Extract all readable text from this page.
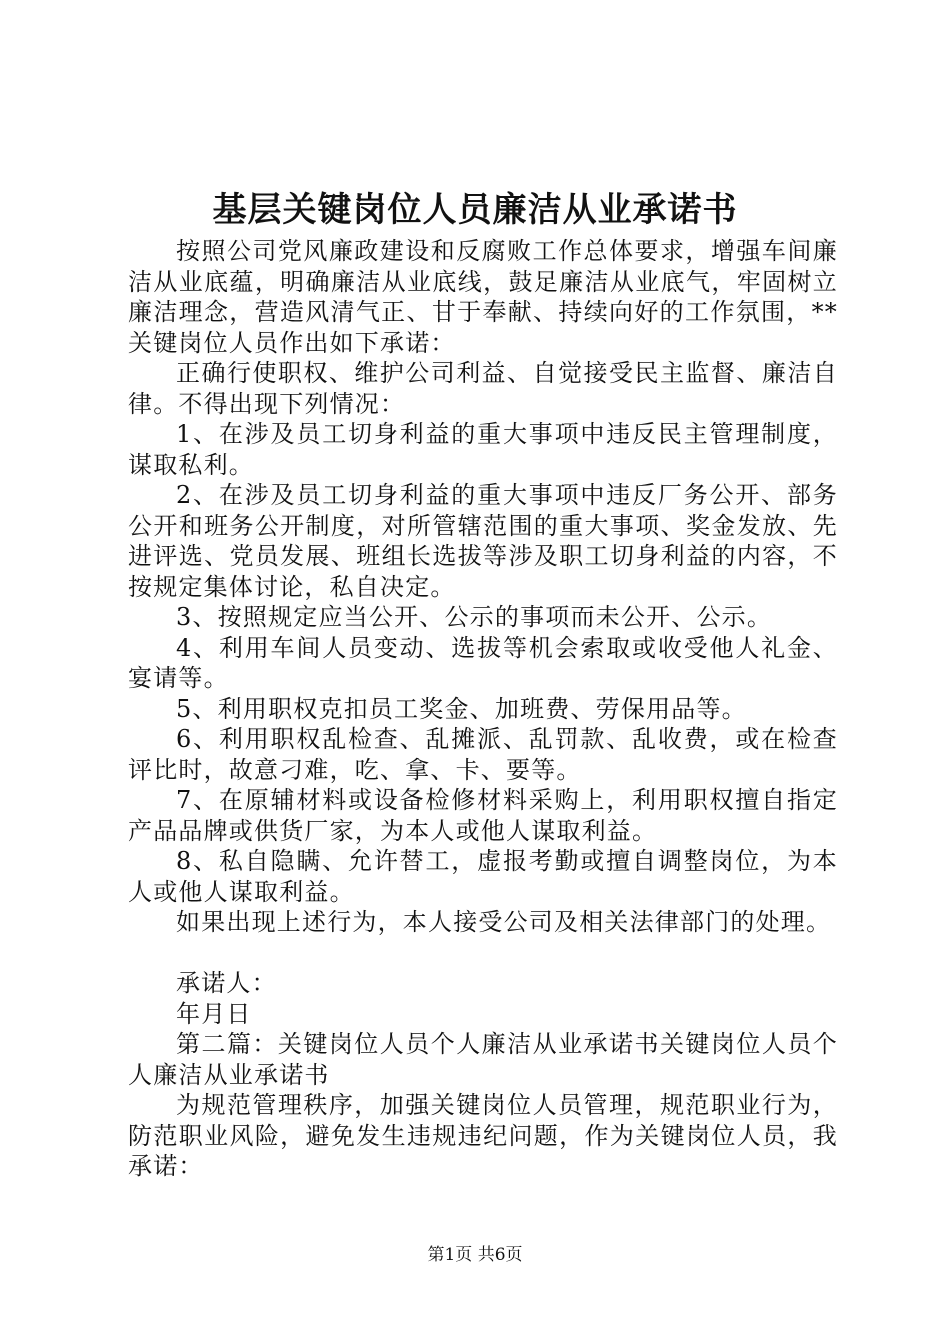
基层关键岗位人员廉洁从业承诺书

按照公司党风廉政建设和反腐败工作总体要求，增强车间廉洁从业底蕴，明确廉洁从业底线，鼓足廉洁从业底气，牢固树立廉洁理念，营造风清气正、甘于奉献、持续向好的工作氛围，**关键岗位人员作出如下承诺：

正确行使职权、维护公司利益、自觉接受民主监督、廉洁自律。不得出现下列情况：

1、在涉及员工切身利益的重大事项中违反民主管理制度，谋取私利。

2、在涉及员工切身利益的重大事项中违反厂务公开、部务公开和班务公开制度，对所管辖范围的重大事项、奖金发放、先进评选、党员发展、班组长选拔等涉及职工切身利益的内容，不按规定集体讨论，私自决定。

3、按照规定应当公开、公示的事项而未公开、公示。

4、利用车间人员变动、选拔等机会索取或收受他人礼金、宴请等。

5、利用职权克扣员工奖金、加班费、劳保用品等。

6、利用职权乱检查、乱摊派、乱罚款、乱收费，或在检查评比时，故意刁难，吃、拿、卡、要等。

7、在原辅材料或设备检修材料采购上，利用职权擅自指定产品品牌或供货厂家，为本人或他人谋取利益。

8、私自隐瞒、允许替工，虚报考勤或擅自调整岗位，为本人或他人谋取利益。

如果出现上述行为，本人接受公司及相关法律部门的处理。

承诺人：

年月日

第二篇：关键岗位人员个人廉洁从业承诺书关键岗位人员个人廉洁从业承诺书

为规范管理秩序，加强关键岗位人员管理，规范职业行为，防范职业风险，避免发生违规违纪问题，作为关键岗位人员，我承诺：

第1页 共6页
